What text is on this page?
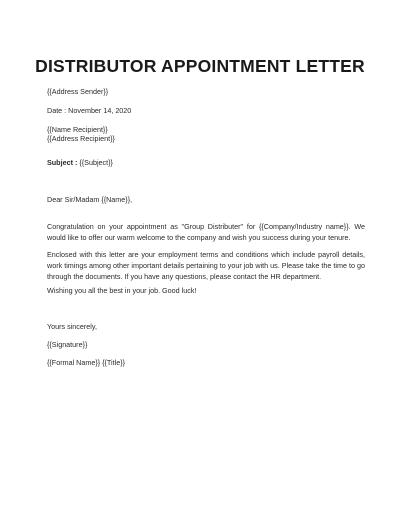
DISTRIBUTOR APPOINTMENT LETTER
{{Address Sender}}
Date : November 14, 2020
{{Name Recipient}}
{{Address Recipient}}
Subject : {{Subject}}
Dear Sir/Madam {{Name}},
Congratulation on your appointment as "Group Distributer" for {{Company/Industry name}}. We would like to offer our warm welcome to the company and wish you success during your tenure.
Enclosed with this letter are your employment terms and conditions which include payroll details, work timings among other important details pertaining to your job with us. Please take the time to go through the documents. If you have any questions, please contact the HR department.
Wishing you all the best in your job. Good luck!
Yours sincerely,
{{Signature}}
{{Formal Name}} {{Title}}
